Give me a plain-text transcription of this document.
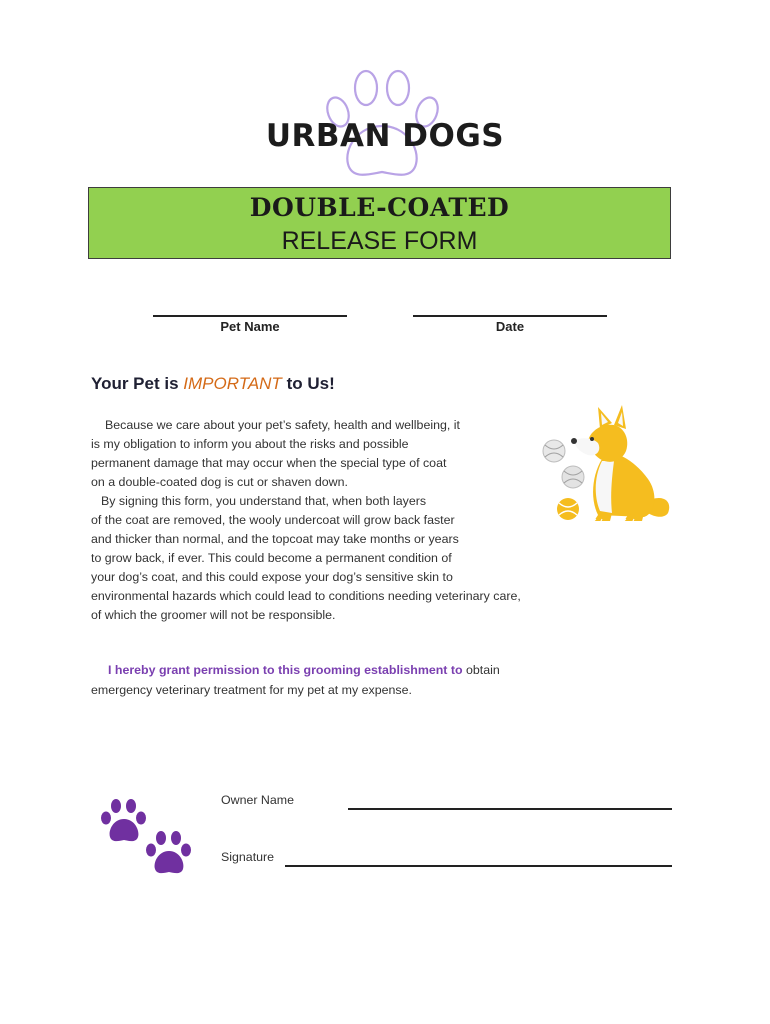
URBAN DOGS
DOUBLE-COATED
RELEASE FORM
Pet Name	Date
Your Pet is IMPORTANT to Us!
Because we care about your pet’s safety, health and wellbeing, it
is my obligation to inform you about the risks and possible
permanent damage that may occur when the special type of coat
on a double-coated dog is cut or shaven down.
By signing this form, you understand that, when both layers
of the coat are removed, the wooly undercoat will grow back faster
and thicker than normal, and the topcoat may take months or years
to grow back, if ever. This could become a permanent condition of
your dog’s coat, and this could expose your dog’s sensitive skin to
environmental hazards which could lead to conditions needing veterinary care,
of which the groomer will not be responsible.
I hereby grant permission to this grooming establishment to obtain
emergency veterinary treatment for my pet at my expense.
Owner Name
Signature
